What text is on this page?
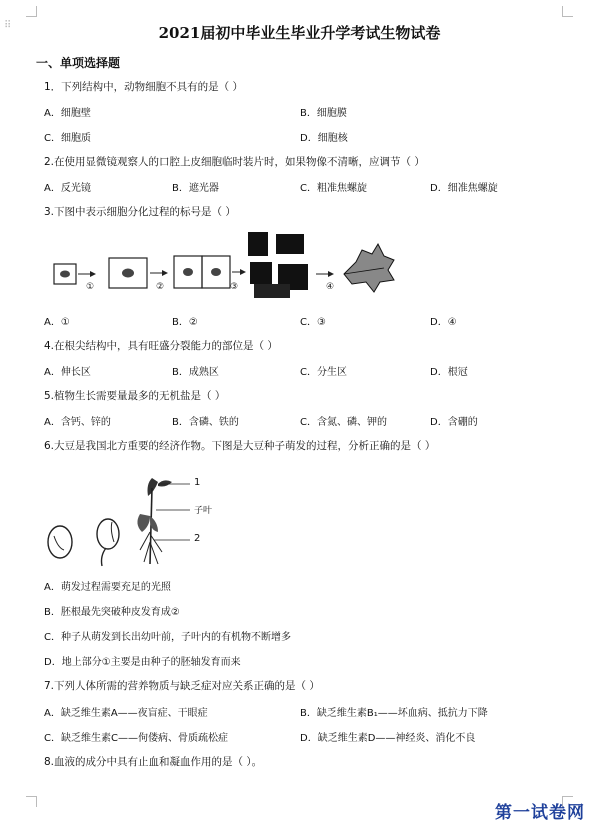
⠿	2021届初中毕业生毕业升学考试生物试卷
一、单项选择题
1．下列结构中，动物细胞不具有的是（ ）
A．细胞壁	B．细胞膜
C．细胞质	D．细胞核
2.在使用显微镜观察人的口腔上皮细胞临时装片时，如果物像不清晰，应调节（ ）
A．反光镜	B．遮光器	C．粗准焦螺旋	D．细准焦螺旋
3.下图中表示细胞分化过程的标号是（ ）
①	②	③	④
A．①	B．②	C．③	D．④
4.在根尖结构中，具有旺盛分裂能力的部位是（ ）
A．伸长区	B．成熟区	C．分生区	D．根冠
5.植物生长需要量最多的无机盐是（ ）
A．含钙、锌的	B．含磷、铁的	C．含氮、磷、钾的	D．含硼的
6.大豆是我国北方重要的经济作物。下图是大豆种子萌发的过程，分析正确的是（ ）
1
子叶
2
A．萌发过程需要充足的光照
B．胚根最先突破种皮发育成②
C．种子从萌发到长出幼叶前，子叶内的有机物不断增多
D．地上部分①主要是由种子的胚轴发育而来
7.下列人体所需的营养物质与缺乏症对应关系正确的是（ ）
A．缺乏维生素A——夜盲症、干眼症	B．缺乏维生素B₁——坏血病、抵抗力下降
C．缺乏维生素C——佝偻病、骨质疏松症	D．缺乏维生素D——神经炎、消化不良
8.血液的成分中具有止血和凝血作用的是（ ）。
第一试卷网
